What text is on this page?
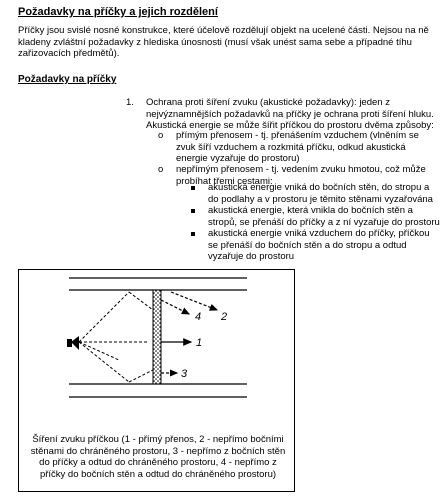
Požadavky na příčky a jejich rozdělení
Příčky jsou svislé nosné konstrukce, které účelově rozdělují objekt na ucelené části. Nejsou na ně kladeny zvláštní požadavky z hlediska únosnosti (musí však unést sama sebe a případné tíhu zařizovacích předmětů).
Požadavky na příčky
1. Ochrana proti šíření zvuku (akustické požadavky): jeden z nejvýznamnějších požadavků na příčky je ochrana proti šíření hluku. Akustická energie se může šířit příčkou do prostoru dvěma způsoby:
o přímým přenosem - tj. přenášením vzduchem (vlněním se zvuk šíří vzduchem a rozkmitá příčku, odkud akustická energie vyzařuje do prostoru)
o nepřímým přenosem - tj. vedením zvuku hmotou, což může probíhat třemi cestami:
akustická energie vniká do bočních stěn, do stropu a do podlahy a v prostoru je těmito stěnami vyzařována
akustická energie, která vnikla do bočních stěn a stropů, se přenáší do příčky a z ní vyzařuje do prostoru
akustická energie vniká vzduchem do příčky, příčkou se přenáší do bočních stěn a do stropu a odtud vyzařuje do prostoru
1
2
3
4
Šíření zvuku příčkou (1 - přímý přenos, 2 - nepřímo bočními stěnami do chráněného prostoru, 3 - nepřímo z bočních stěn do příčky a odtud do chráněného prostoru, 4 - nepřímo z příčky do bočních stěn a odtud do chráněného prostoru)
